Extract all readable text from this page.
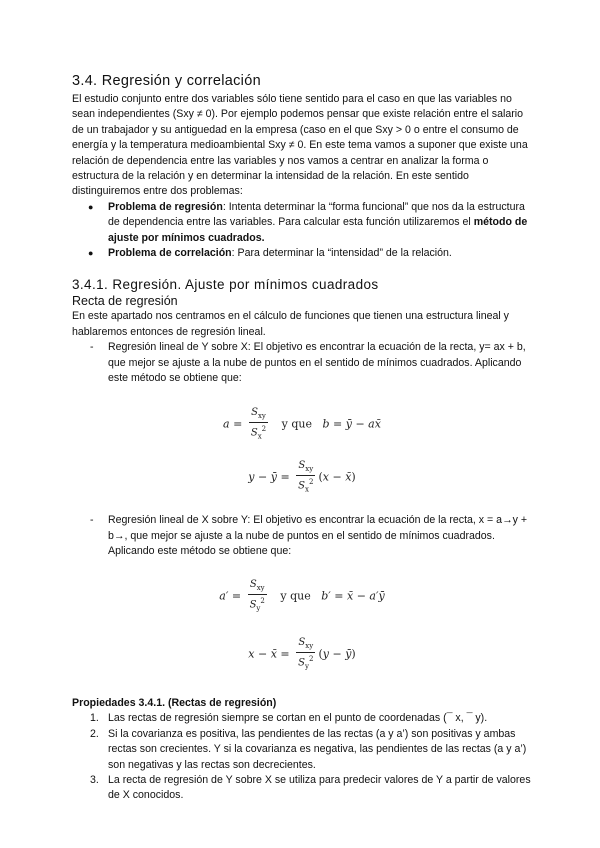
3.4. Regresión y correlación

El estudio conjunto entre dos variables sólo tiene sentido para el caso en que las variables no sean independientes (Sxy ≠ 0). Por ejemplo podemos pensar que existe relación entre el salario de un trabajador y su antiguedad en la empresa (caso en el que Sxy > 0 o entre el consumo de energía y la temperatura medioambiental Sxy ≠ 0. En este tema vamos a suponer que existe una relación de dependencia entre las variables y nos vamos a centrar en analizar la forma o estructura de la relación y en determinar la intensidad de la relación. En este sentido distinguiremos entre dos problemas:

● Problema de regresión: Intenta determinar la “forma funcional” que nos da la estructura de dependencia entre las variables. Para calcular esta función utilizaremos el método de ajuste por mínimos cuadrados.
● Problema de correlación: Para determinar la “intensidad” de la relación.
3.4.1. Regresión. Ajuste por mínimos cuadrados
Recta de regresión

En este apartado nos centramos en el cálculo de funciones que tienen una estructura lineal y hablaremos entonces de regresión lineal.

- Regresión lineal de Y sobre X: El objetivo es encontrar la ecuación de la recta, y= ax + b, que mejor se ajuste a la nube de puntos en el sentido de mínimos cuadrados. Aplicando este método se obtiene que:
$a = \frac{S_{xy}}{S_x^2}$ y que b = ȳ − ax̄
y − ȳ = $\frac{S_{xy}}{S_x^2} (x$ − x̄)
- Regresión lineal de X sobre Y: El objetivo es encontrar la ecuación de la recta, x = a→y + b→, que mejor se ajuste a la nube de puntos en el sentido de mínimos cuadrados. Aplicando este método se obtiene que:
$a' = \frac{S_{xy}}{S_y^2}$ y que b′ = x̄ − a′ȳ
x − x̄ = $\frac{S_{xy}}{S_y^2} (y$ − ȳ)

Propiedades 3.4.1. (Rectas de regresión)

1. Las rectas de regresión siempre se cortan en el punto de coordenadas (¯ x, ¯ y).
2. Si la covarianza es positiva, las pendientes de las rectas (a y a’) son positivas y ambas rectas son crecientes. Y si la covarianza es negativa, las pendientes de las rectas (a y a’) son negativas y las rectas son decrecientes.
3. La recta de regresión de Y sobre X se utiliza para predecir valores de Y a partir de valores de X conocidos.
